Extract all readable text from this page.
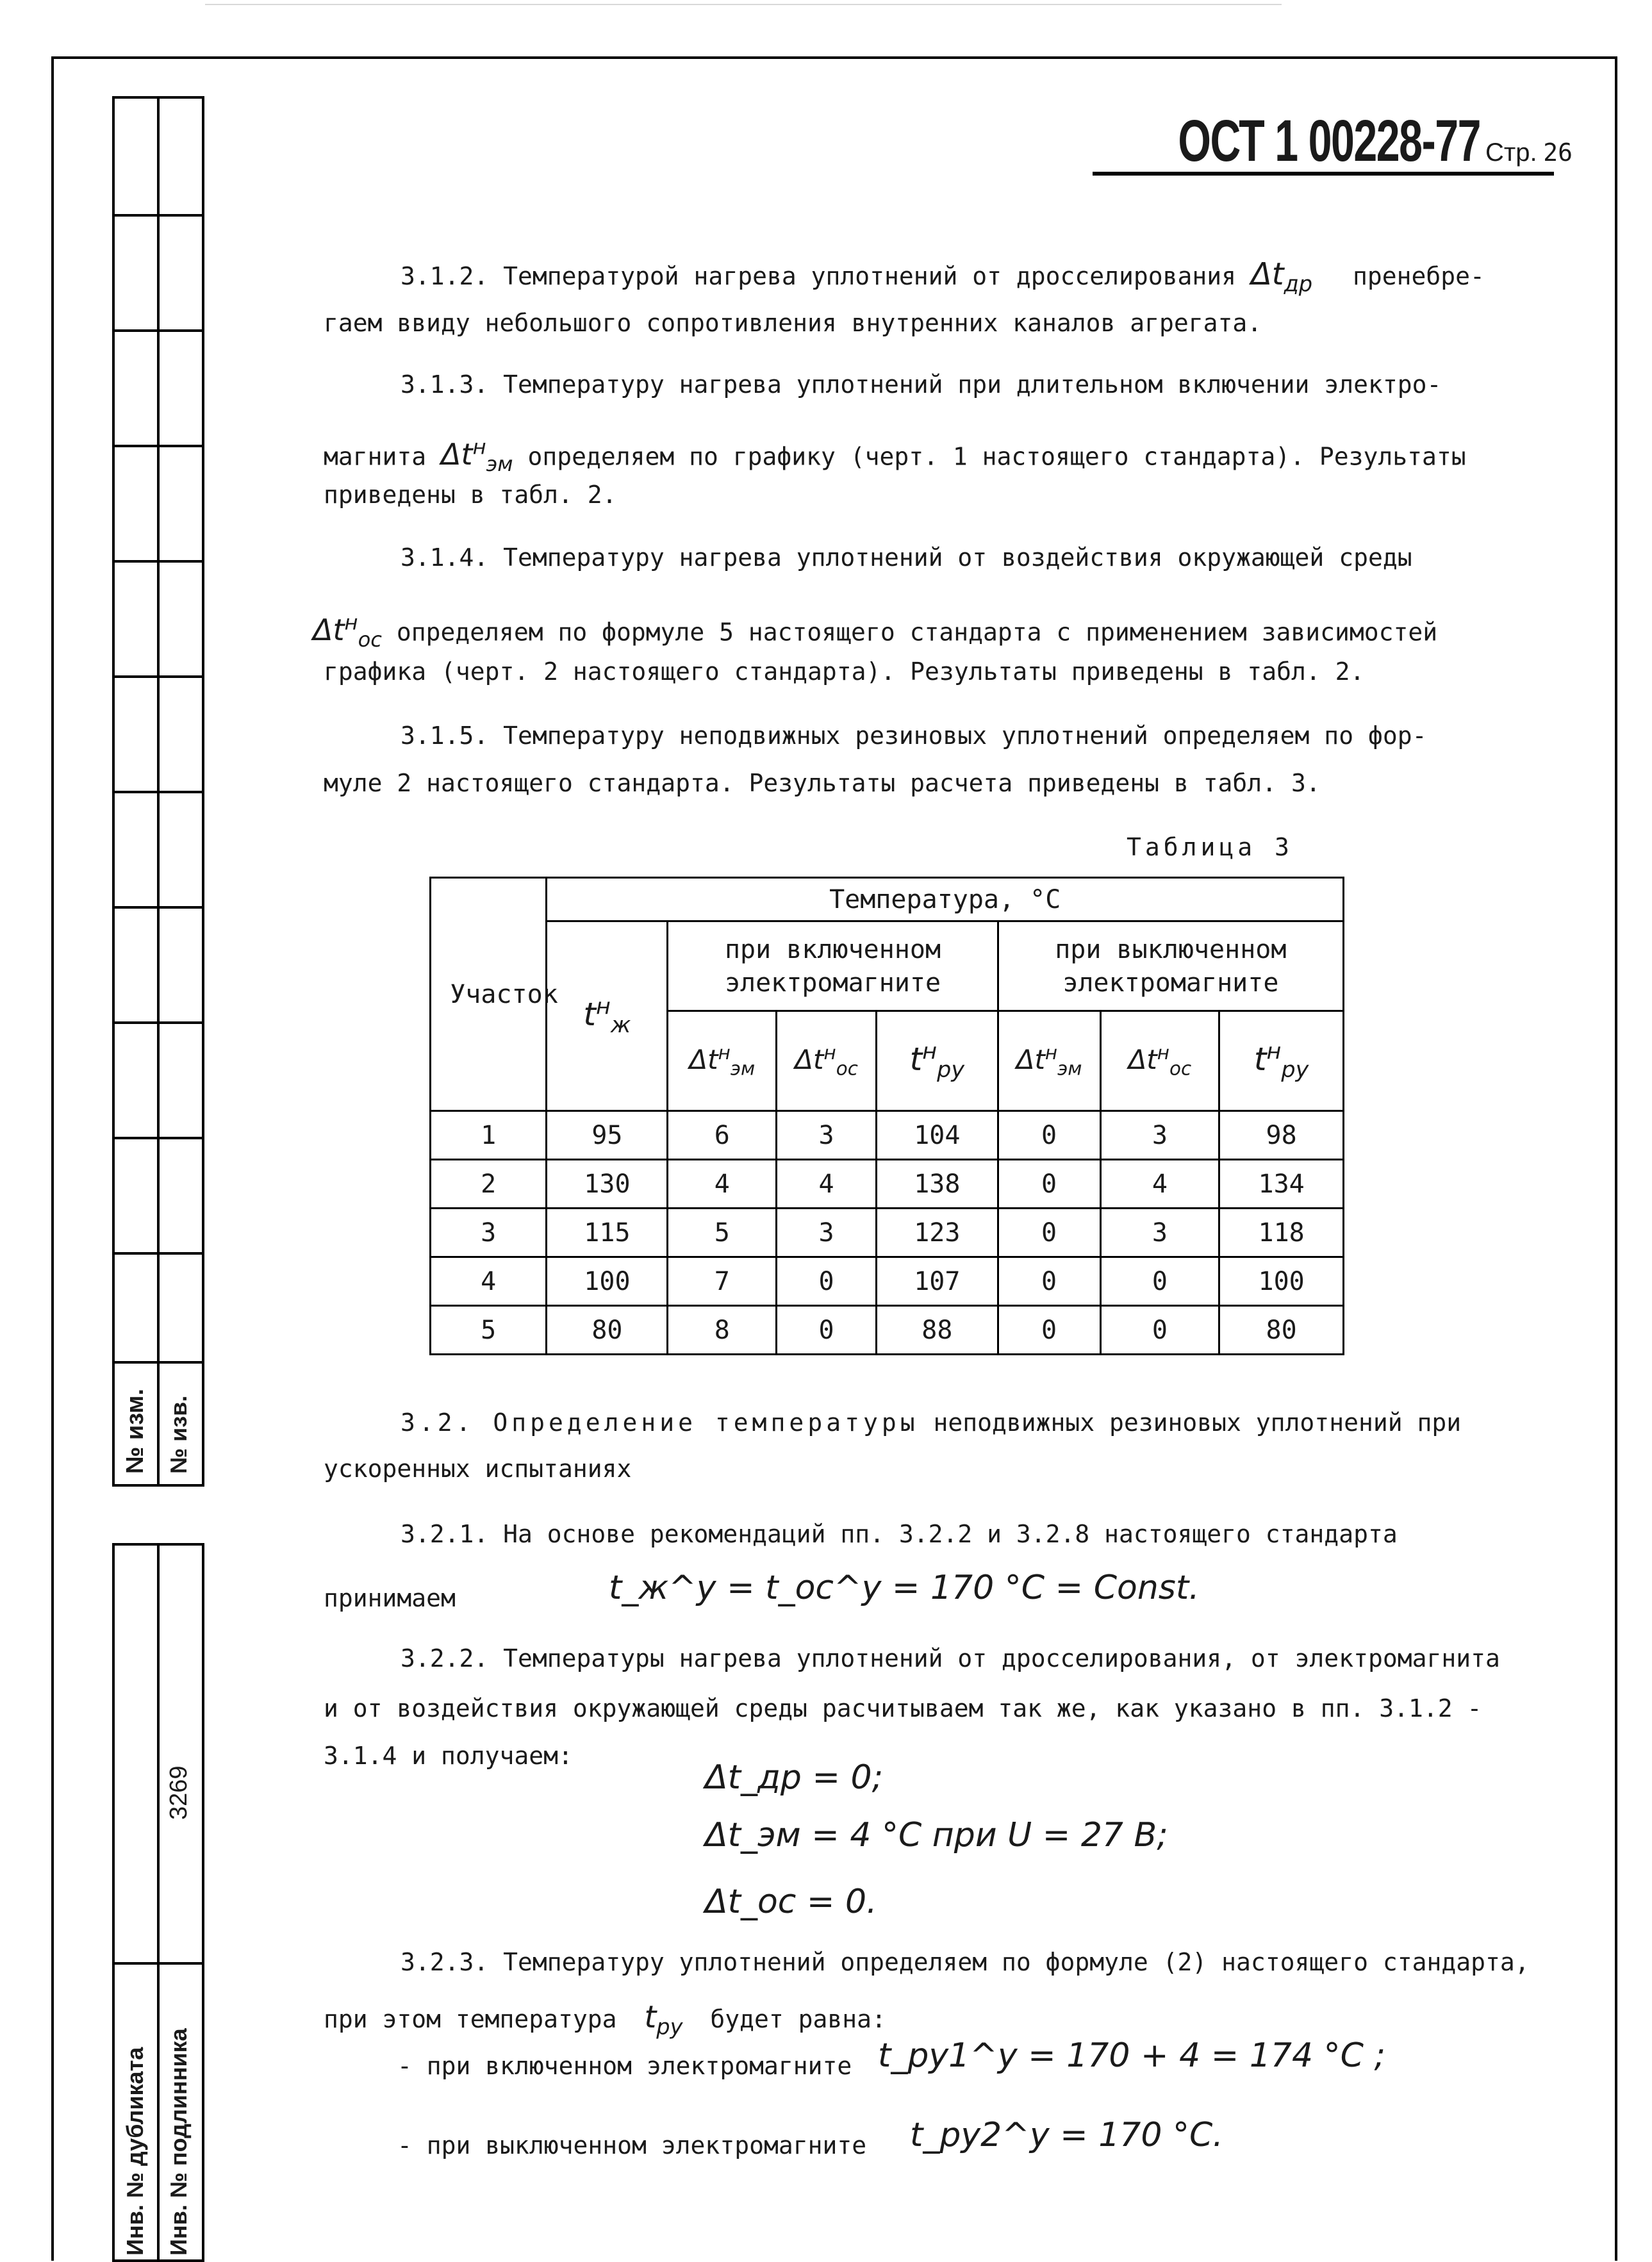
№ изм. № изв.
3269
Инв. № дубликата Инв. № подлинника
ОСТ 1 00228-77 Стр. 26
3.1.2. Температурой нагрева уплотнений от дросселирования $\Delta t_{др}$ пренебре-
гаем ввиду небольшого сопротивления внутренних каналов агрегата.
3.1.3. Температуру нагрева уплотнений при длительном включении электро-
магнита $\Delta t^н_{эм}$ определяем по графику (черт. 1 настоящего стандарта). Результаты
приведены в табл. 2.
3.1.4. Температуру нагрева уплотнений от воздействия окружающей среды
$\Delta t^н_{ос}$ определяем по формуле 5 настоящего стандарта с применением зависимостей
графика (черт. 2 настоящего стандарта). Результаты приведены в табл. 2.
3.1.5. Температуру неподвижных резиновых уплотнений определяем по фор-
муле 2 настоящего стандарта. Результаты расчета приведены в табл. 3.
Таблица 3
Участок	Температура, °С						
	$t^н_ж$	при включенном электромагните			при выключенном электромагните		
		$\Delta t^н_{эм}$	$\Delta t^н_{ос}$	$t^н_{ру}$	$\Delta t^н_{эм}$	$\Delta t^н_{ос}$	$t^н_{ру}$
1	95	6	3	104	0	3	98
2	130	4	4	138	0	4	134
3	115	5	3	123	0	3	118
4	100	7	0	107	0	0	100
5	80	8	0	88	0	0	80
3.2. Определение температуры неподвижных резиновых уплотнений при
ускоренных испытаниях
3.2.1. На основе рекомендаций пп. 3.2.2 и 3.2.8 настоящего стандарта
принимаем	t_ж^у = t_ос^у = 170 °С = Const.
3.2.2. Температуры нагрева уплотнений от дросселирования, от электромагнита
и от воздействия окружающей среды расчитываем так же, как указано в пп. 3.1.2 -
3.1.4 и получаем:
Δt_др = 0;
Δt_эм = 4 °С при U = 27 В;
Δt_ос = 0.
3.2.3. Температуру уплотнений определяем по формуле (2) настоящего стандарта,
при этом температура $t_{ру}$ будет равна:
- при включенном электромагните t_ру1^у = 170 + 4 = 174 °С ;
- при выключенном электромагните t_ру2^у = 170 °С.
